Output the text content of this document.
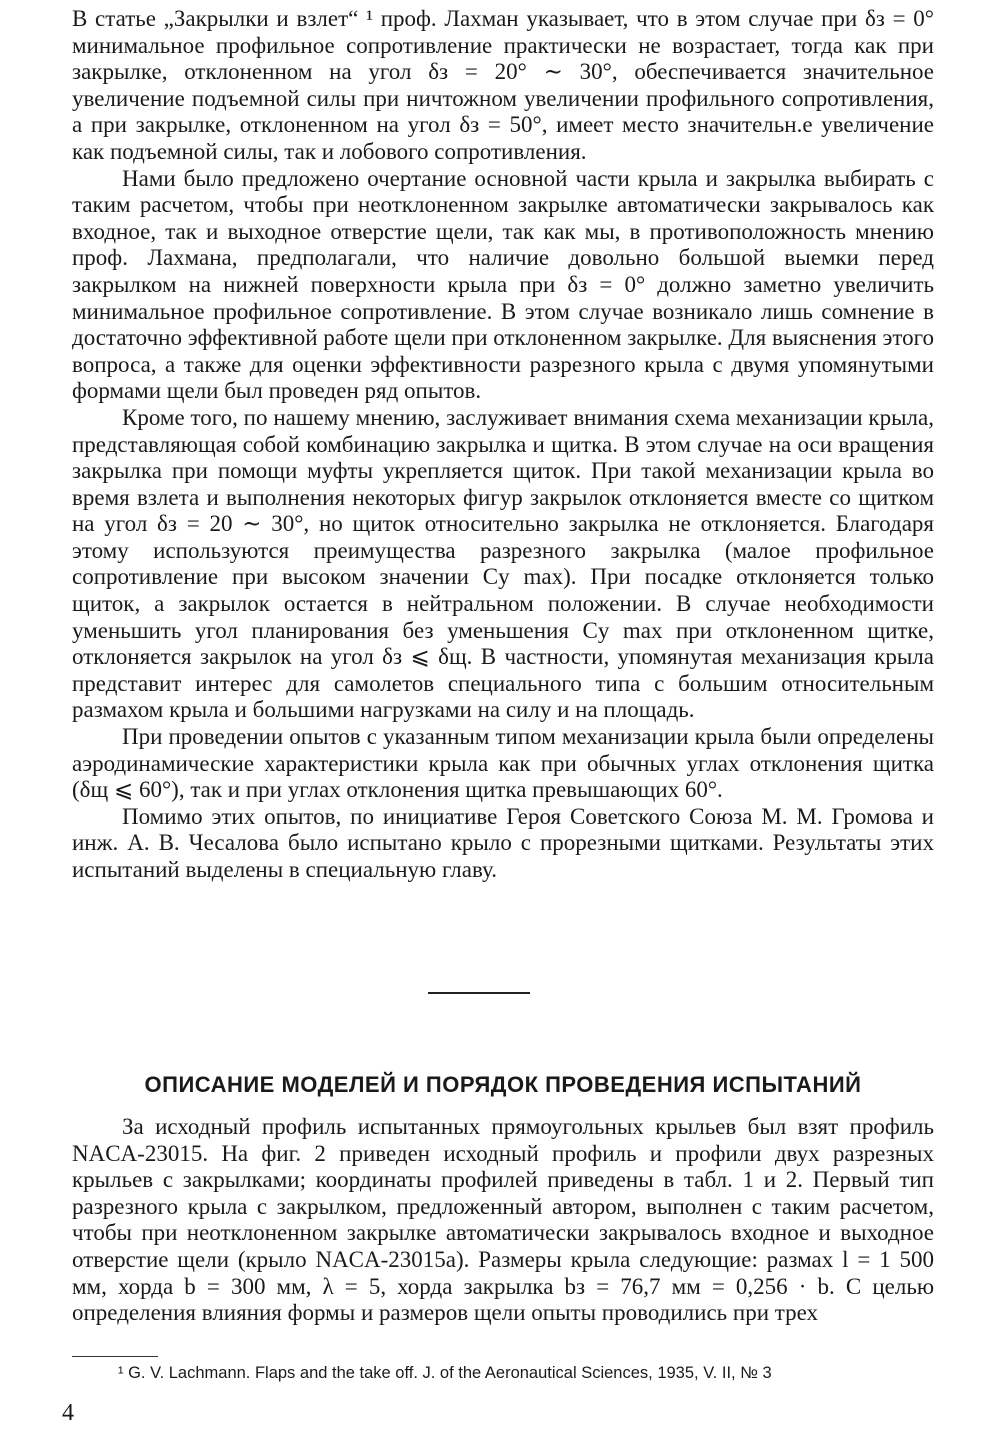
В статье „Закрылки и взлет“ ¹ проф. Лахман указывает, что в этом случае при δз = 0° минимальное профильное сопротивление практически не возрастает, тогда как при закрылке, отклоненном на угол δз = 20° ∼ 30°, обеспечивается значительное увеличение подъемной силы при ничтожном увеличении профильного сопротивления, а при закрылке, отклоненном на угол δз = 50°, имеет место значительн.е увеличение как подъемной силы, так и лобового сопротивления.

Нами было предложено очертание основной части крыла и закрылка выбирать с таким расчетом, чтобы при неотклоненном закрылке автоматически закрывалось как входное, так и выходное отверстие щели, так как мы, в противоположность мнению проф. Лахмана, предполагали, что наличие довольно большой выемки перед закрылком на нижней поверхности крыла при δз = 0° должно заметно увеличить минимальное профильное сопротивление. В этом случае возникало лишь сомнение в достаточно эффективной работе щели при отклоненном закрылке. Для выяснения этого вопроса, а также для оценки эффективности разрезного крыла с двумя упомянутыми формами щели был проведен ряд опытов.

Кроме того, по нашему мнению, заслуживает внимания схема механизации крыла, представляющая собой комбинацию закрылка и щитка. В этом случае на оси вращения закрылка при помощи муфты укрепляется щиток. При такой механизации крыла во время взлета и выполнения некоторых фигур закрылок отклоняется вместе со щитком на угол δз = 20 ∼ 30°, но щиток относительно закрылка не отклоняется. Благодаря этому используются преимущества разрезного закрылка (малое профильное сопротивление при высоком значении Cy max). При посадке отклоняется только щиток, а закрылок остается в нейтральном положении. В случае необходимости уменьшить угол планирования без уменьшения Cy max при отклоненном щитке, отклоняется закрылок на угол δз ⩽ δщ. В частности, упомянутая механизация крыла представит интерес для самолетов специального типа с большим относительным размахом крыла и большими нагрузками на силу и на площадь.

При проведении опытов с указанным типом механизации крыла были определены аэродинамические характеристики крыла как при обычных углах отклонения щитка (δщ ⩽ 60°), так и при углах отклонения щитка превышающих 60°.

Помимо этих опытов, по инициативе Героя Советского Союза М. М. Громова и инж. А. В. Чесалова было испытано крыло с прорезными щитками. Результаты этих испытаний выделены в специальную главу.

ОПИСАНИЕ МОДЕЛЕЙ И ПОРЯДОК ПРОВЕДЕНИЯ ИСПЫТАНИЙ

За исходный профиль испытанных прямоугольных крыльев был взят профиль NACA-23015. На фиг. 2 приведен исходный профиль и профили двух разрезных крыльев с закрылками; координаты профилей приведены в табл. 1 и 2. Первый тип разрезного крыла с закрылком, предложенный автором, выполнен с таким расчетом, чтобы при неотклоненном закрылке автоматически закрывалось входное и выходное отверстие щели (крыло NACA-23015а). Размеры крыла следующие: размах l = 1 500 мм, хорда b = 300 мм, λ = 5, хорда закрылка bз = 76,7 мм = 0,256 · b. С целью определения влияния формы и размеров щели опыты проводились при трех

¹ G. V. Lachmann. Flaps and the take off. J. of the Aeronautical Sciences, 1935, V. II, № 3

4
